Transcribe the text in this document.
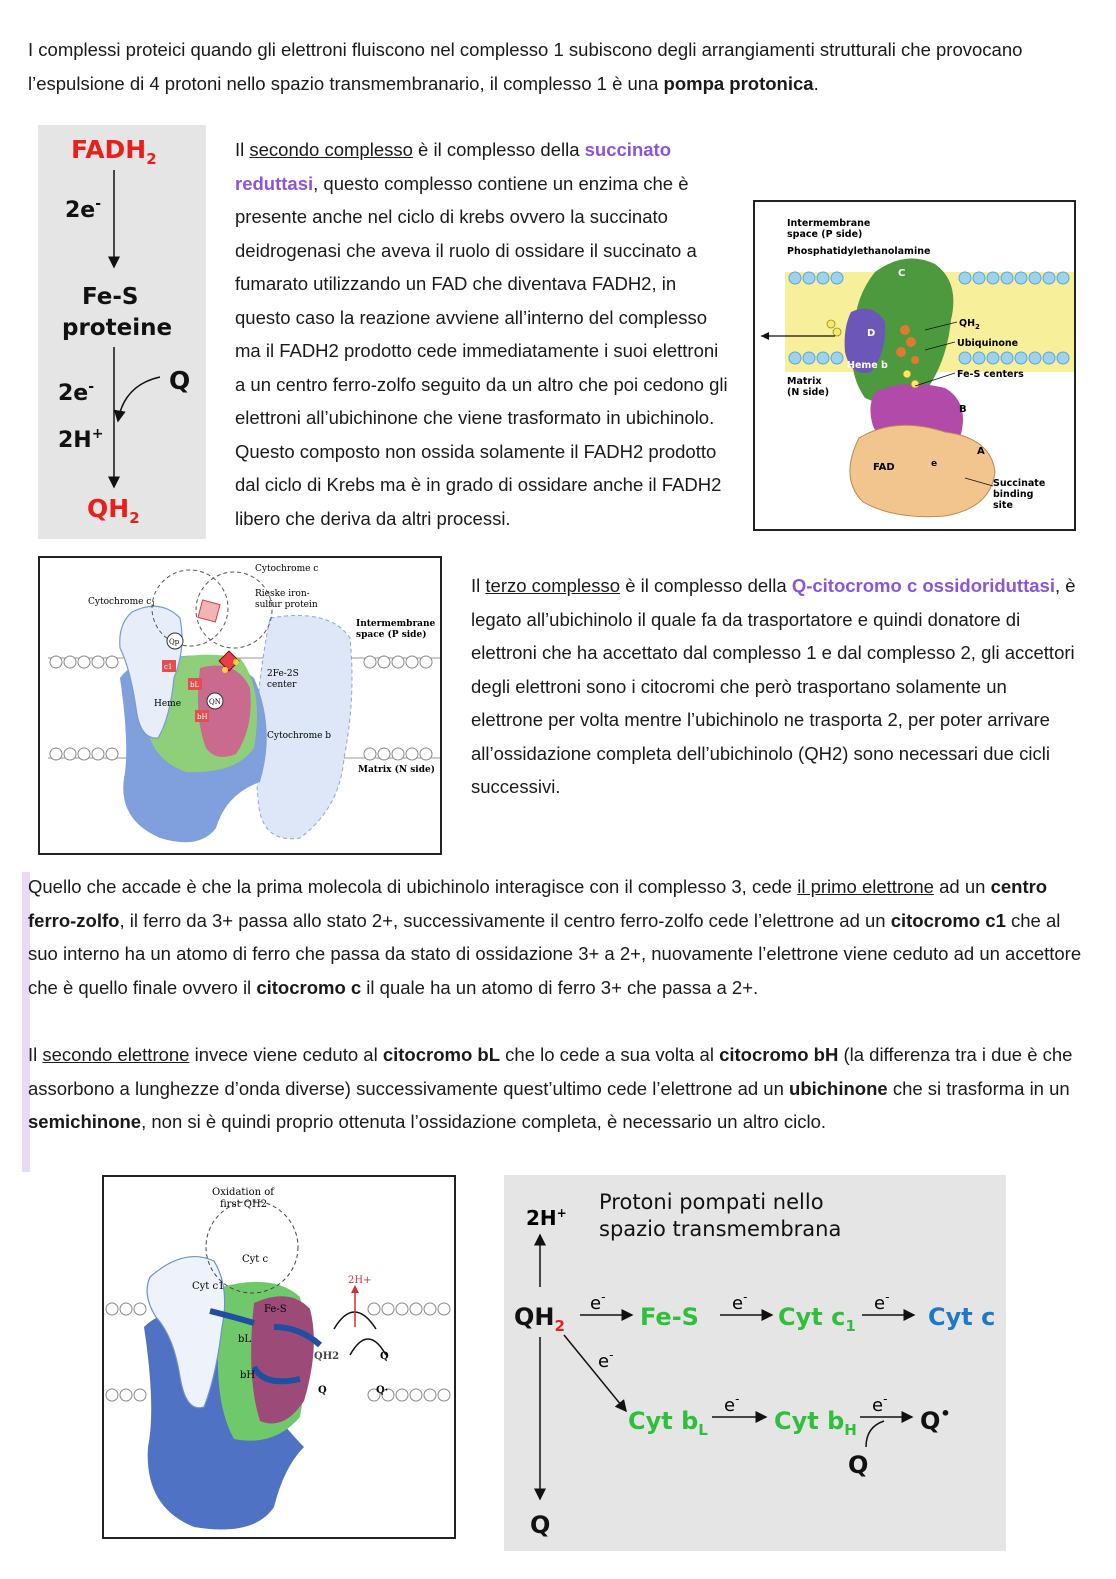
I complessi proteici quando gli elettroni fluiscono nel complesso 1 subiscono degli arrangiamenti strutturali che provocano l’espulsione di 4 protoni nello spazio transmembranario, il complesso 1 è una pompa protonica.

$FADH_2$
2e-
Fe-S
proteine
2e-	Q
2H+
$QH_2$

Il secondo complesso è il complesso della succinato reduttasi, questo complesso contiene un enzima che è presente anche nel ciclo di krebs ovvero la succinato deidrogenasi che aveva il ruolo di ossidare il succinato a fumarato utilizzando un FAD che diventava FADH2, in questo caso la reazione avviene all’interno del complesso ma il FADH2 prodotto cede immediatamente i suoi elettroni a un centro ferro-zolfo seguito da un altro che poi cedono gli elettroni all’ubichinone che viene trasformato in ubichinolo. Questo composto non ossida solamente il FADH2 prodotto dal ciclo di Krebs ma è in grado di ossidare anche il FADH2 libero che deriva da altri processi.

Intermembrane
space (P side)
Phosphatidylethanolamine
C
D
Heme b
$QH_2$
Ubiquinone
Fe-S centers
Matrix
(N side)
B
FAD	e
A
Succinate
binding
site
Cytochrome c
Cytochrome $c_1$
Rieske iron-
sulfur protein
Intermembrane
space (P side)
Qp
c1
bL
Heme	QN
bH
2Fe-2S
center
Cytochrome b
Matrix (N side)

Il terzo complesso è il complesso della Q-citocromo c ossidoriduttasi, è legato all’ubichinolo il quale fa da trasportatore e quindi donatore di elettroni che ha accettato dal complesso 1 e dal complesso 2, gli accettori degli elettroni sono i citocromi che però trasportano solamente un elettrone per volta mentre l’ubichinolo ne trasporta 2, per poter arrivare all’ossidazione completa dell’ubichinolo (QH2) sono necessari due cicli successivi.

Quello che accade è che la prima molecola di ubichinolo interagisce con il complesso 3, cede il primo elettrone ad un centro ferro-zolfo, il ferro da 3+ passa allo stato 2+, successivamente il centro ferro-zolfo cede l’elettrone ad un citocromo c1 che al suo interno ha un atomo di ferro che passa da stato di ossidazione 3+ a 2+, nuovamente l’elettrone viene ceduto ad un accettore che è quello finale ovvero il citocromo c il quale ha un atomo di ferro 3+ che passa a 2+.

Il secondo elettrone invece viene ceduto al citocromo bL che lo cede a sua volta al citocromo bH (la differenza tra i due è che assorbono a lunghezze d’onda diverse) successivamente quest’ultimo cede l’elettrone ad un ubichinone che si trasforma in un semichinone, non si è quindi proprio ottenuta l’ossidazione completa, è necessario un altro ciclo.

Oxidation of
first QH2
Cyt c
Cyt c1
2H+
Fe-S
bL
bH
QH2	Q
Q	Q·
Protoni pompati nello
spazio transmembrana
2H+
$QH_2$
Q
e-
Fe-S e-
Cyt $c_1$
e-
Cyt c
e-
Cyt $b_L$
e-
Cyt $b_H$
e-
Q•
Q
